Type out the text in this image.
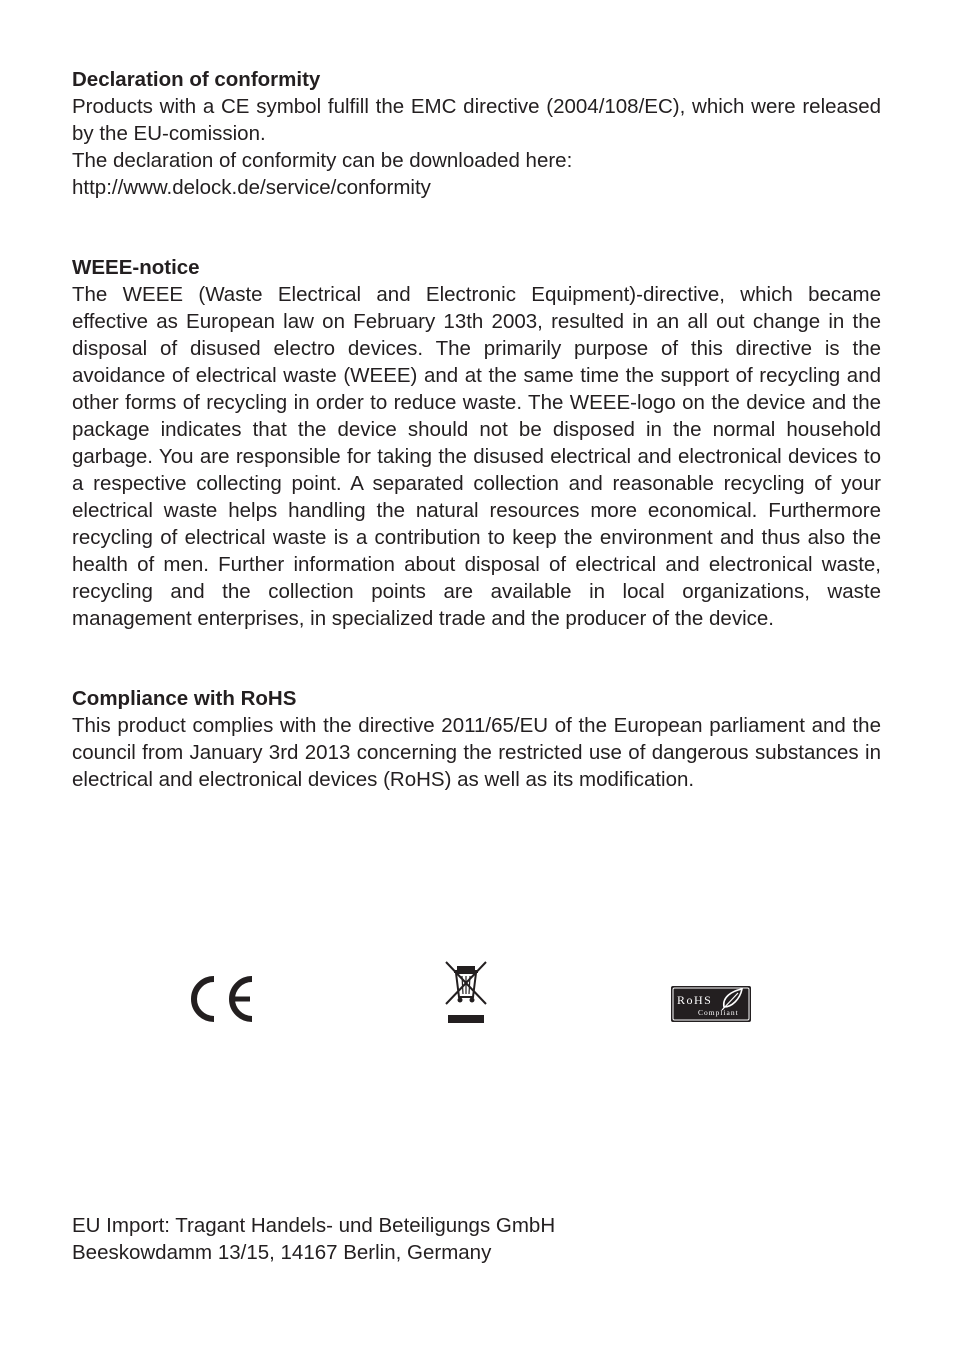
Declaration of conformity

Products with a CE symbol fulfill the EMC directive (2004/108/EC), which were released by the EU-comission.

The declaration of conformity can be downloaded here:

http://www.delock.de/service/conformity

WEEE-notice

The WEEE (Waste Electrical and Electronic Equipment)-directive, which became effective as European law on February 13th 2003, resulted in an all out change in the disposal of disused electro devices. The primarily purpose of this directive is the avoidance of electrical waste (WEEE) and at the same time the support of recycling and other forms of recycling in order to reduce waste. The WEEE-logo on the device and the package indicates that the device should not be disposed in the normal household garbage. You are responsible for taking the disused electrical and electronical devices to a respective collecting point. A separated collection and reasonable recycling of your electrical waste helps handling the natural resources more economical. Furthermore recycling of electrical waste is a contribution to keep the environment and thus also the health of men. Further information about disposal of electrical and electronical waste, recycling and the collection points are available in local organizations, waste management enterprises, in specialized trade and the producer of the device.

Compliance with RoHS

This product complies with the directive 2011/65/EU of the European parliament and the council from January 3rd 2013 concerning the restricted use of dangerous substances in electrical and electronical devices (RoHS) as well as its modification.

RoHS
Compliant

EU Import: Tragant Handels- und Beteiligungs GmbH

Beeskowdamm 13/15, 14167 Berlin, Germany
